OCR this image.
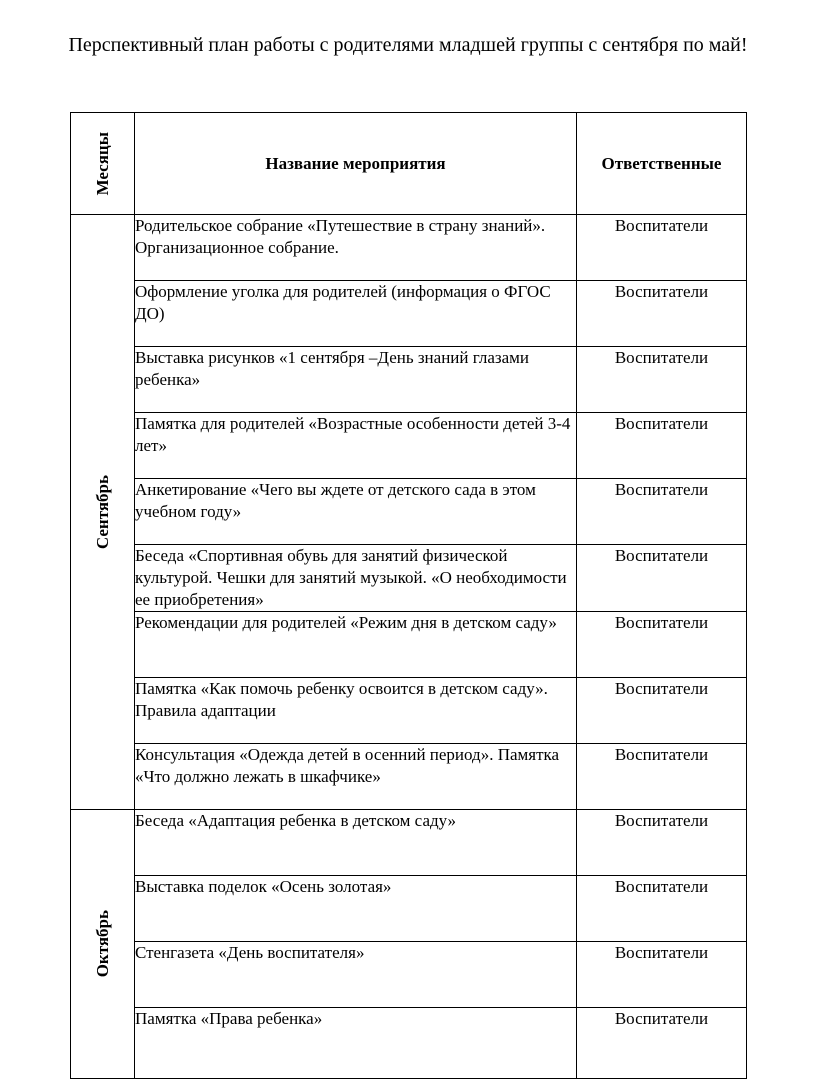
Перспективный план работы с родителями младшей группы с сентября по май!
Месяцы	Название мероприятия	Ответственные

Сентябрь	Родительское собрание «Путешествие в страну знаний». Организационное собрание.	Воспитатели
	Оформление уголка для родителей (информация о ФГОС ДО)	Воспитатели
	Выставка рисунков «1 сентября –День знаний глазами ребенка»	Воспитатели
	Памятка для родителей «Возрастные особенности детей 3-4 лет»	Воспитатели
	Анкетирование «Чего вы ждете от детского сада в этом учебном году»	Воспитатели
	Беседа «Спортивная обувь для занятий физической культурой. Чешки для занятий музыкой. «О необходимости ее приобретения»	Воспитатели
	Рекомендации для родителей «Режим дня в детском саду»	Воспитатели
	Памятка «Как помочь ребенку освоится в детском саду». Правила адаптации	Воспитатели
	Консультация «Одежда детей в осенний период». Памятка «Что должно лежать в шкафчике»	Воспитатели

Октябрь	Беседа «Адаптация ребенка в детском саду»	Воспитатели
	Выставка поделок «Осень золотая»	Воспитатели
	Стенгазета «День воспитателя»	Воспитатели
	Памятка «Права ребенка»	Воспитатели
